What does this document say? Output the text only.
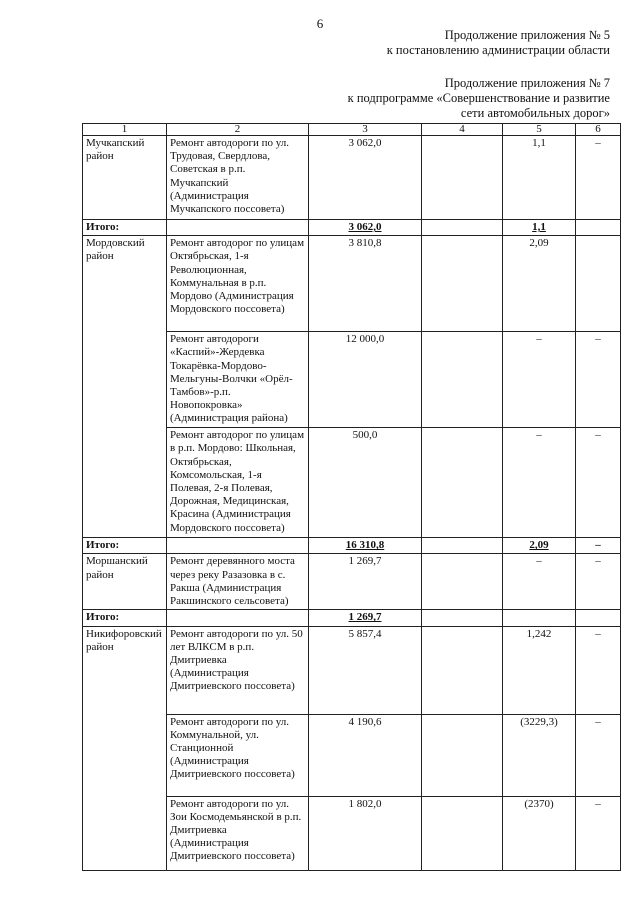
6
Продолжение приложения № 5
к постановлению администрации области
Продолжение приложения № 7
к подпрограмме «Совершенствование и развитие
сети автомобильных дорог»
1	2	3	4	5	6
Мучкапский район	Ремонт автодороги по ул. Трудовая, Свердлова, Советская в р.п. Мучкапский (Администрация Мучкапского поссовета)	3 062,0		1,1	–
Итого:		3 062,0		1,1	
Мордовский район	Ремонт автодорог по улицам Октябрьская, 1-я Революционная, Коммунальная в р.п. Мордово (Администрация Мордовского поссовета)	3 810,8		2,09	
	Ремонт автодороги «Каспий»-Жердевка Токарёвка-Мордово-Мельгуны-Волчки «Орёл-Тамбов»-р.п. Новопокровка» (Администрация района)	12 000,0		–	–
	Ремонт автодорог по улицам в р.п. Мордово: Школьная, Октябрьская, Комсомольская, 1-я Полевая, 2-я Полевая, Дорожная, Медицинская, Красина (Администрация Мордовского поссовета)	500,0		–	–
Итого:		16 310,8		2,09	–
Моршанский район	Ремонт деревянного моста через реку Разазовка в с. Ракша (Администрация Ракшинского сельсовета)	1 269,7		–	–
Итого:		1 269,7			
Никифоровский район	Ремонт автодороги по ул. 50 лет ВЛКСМ в р.п. Дмитриевка (Администрация Дмитриевского поссовета)	5 857,4		1,242	–
	Ремонт автодороги по ул. Коммунальной, ул. Станционной (Администрация Дмитриевского поссовета)	4 190,6		(3229,3)	–
	Ремонт автодороги по ул. Зои Космодемьянской в р.п. Дмитриевка (Администрация Дмитриевского поссовета)	1 802,0		(2370)	–
